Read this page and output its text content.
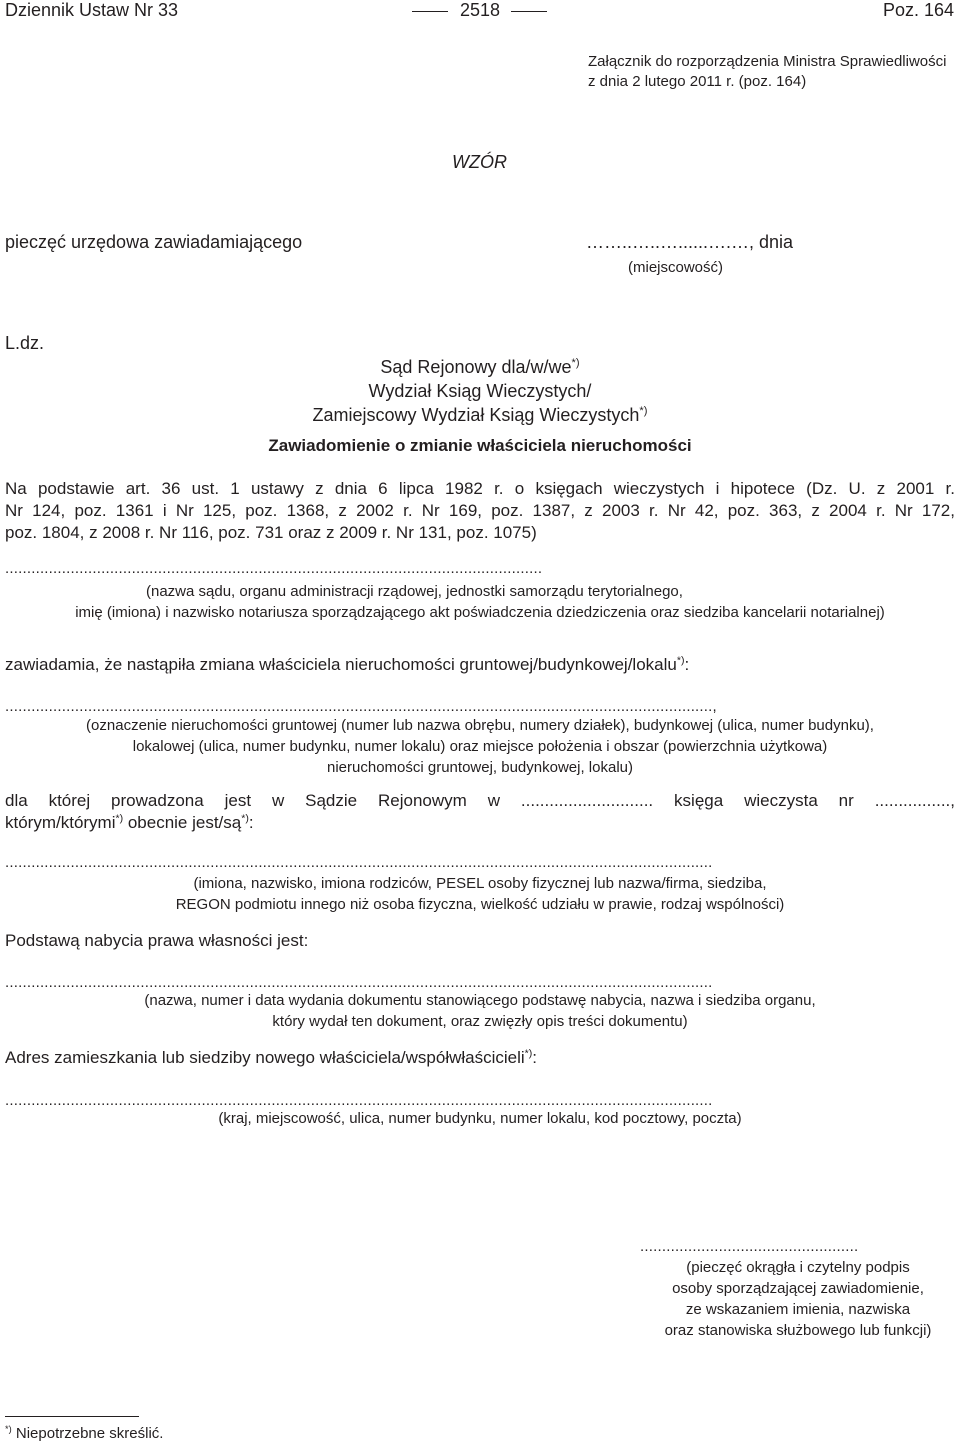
Dziennik Ustaw Nr 33	2518	Poz. 164
Załącznik do rozporządzenia Ministra Sprawiedliwości
z dnia 2 lutego 2011 r. (poz. 164)
WZÓR
pieczęć urzędowa zawiadamiającego	……..…..…......….…, dnia
(miejscowość)
L.dz.
Sąd Rejonowy dla/w/we*)
Wydział Ksiąg Wieczystych/
Zamiejscowy Wydział Ksiąg Wieczystych*)
Zawiadomienie o zmianie właściciela nieruchomości
Na podstawie art. 36 ust. 1 ustawy z dnia 6 lipca 1982 r. o księgach wieczystych i hipotece (Dz. U. z 2001 r.
Nr 124, poz. 1361 i Nr 125, poz. 1368, z 2002 r. Nr 169, poz. 1387, z 2003 r. Nr 42, poz. 363, z 2004 r. Nr 172,
poz. 1804, z 2008 r. Nr 116, poz. 731 oraz z 2009 r. Nr 131, poz. 1075)
...........................................................................................................................
(nazwa sądu, organu administracji rządowej, jednostki samorządu terytorialnego,
imię (imiona) i nazwisko notariusza sporządzającego akt poświadczenia dziedziczenia oraz siedziba kancelarii notarialnej)
zawiadamia, że nastąpiła zmiana właściciela nieruchomości gruntowej/budynkowej/lokalu*):
..................................................................................................................................................................,
(oznaczenie nieruchomości gruntowej (numer lub nazwa obrębu, numery działek), budynkowej (ulica, numer budynku),
lokalowej (ulica, numer budynku, numer lokalu) oraz miejsce położenia i obszar (powierzchnia użytkowa)
nieruchomości gruntowej, budynkowej, lokalu)
dla której prowadzona jest w Sądzie Rejonowym w ............................ księga wieczysta nr ................,
którym/którymi*) obecnie jest/są*):
..................................................................................................................................................................
(imiona, nazwisko, imiona rodziców, PESEL osoby fizycznej lub nazwa/firma, siedziba,
REGON podmiotu innego niż osoba fizyczna, wielkość udziału w prawie, rodzaj wspólności)
Podstawą nabycia prawa własności jest:
..................................................................................................................................................................
(nazwa, numer i data wydania dokumentu stanowiącego podstawę nabycia, nazwa i siedziba organu,
który wydał ten dokument, oraz zwięzły opis treści dokumentu)
Adres zamieszkania lub siedziby nowego właściciela/współwłaścicieli*):
..................................................................................................................................................................
(kraj, miejscowość, ulica, numer budynku, numer lokalu, kod pocztowy, poczta)
..................................................
(pieczęć okrągła i czytelny podpis
osoby sporządzającej zawiadomienie,
ze wskazaniem imienia, nazwiska
oraz stanowiska służbowego lub funkcji)
*) Niepotrzebne skreślić.
